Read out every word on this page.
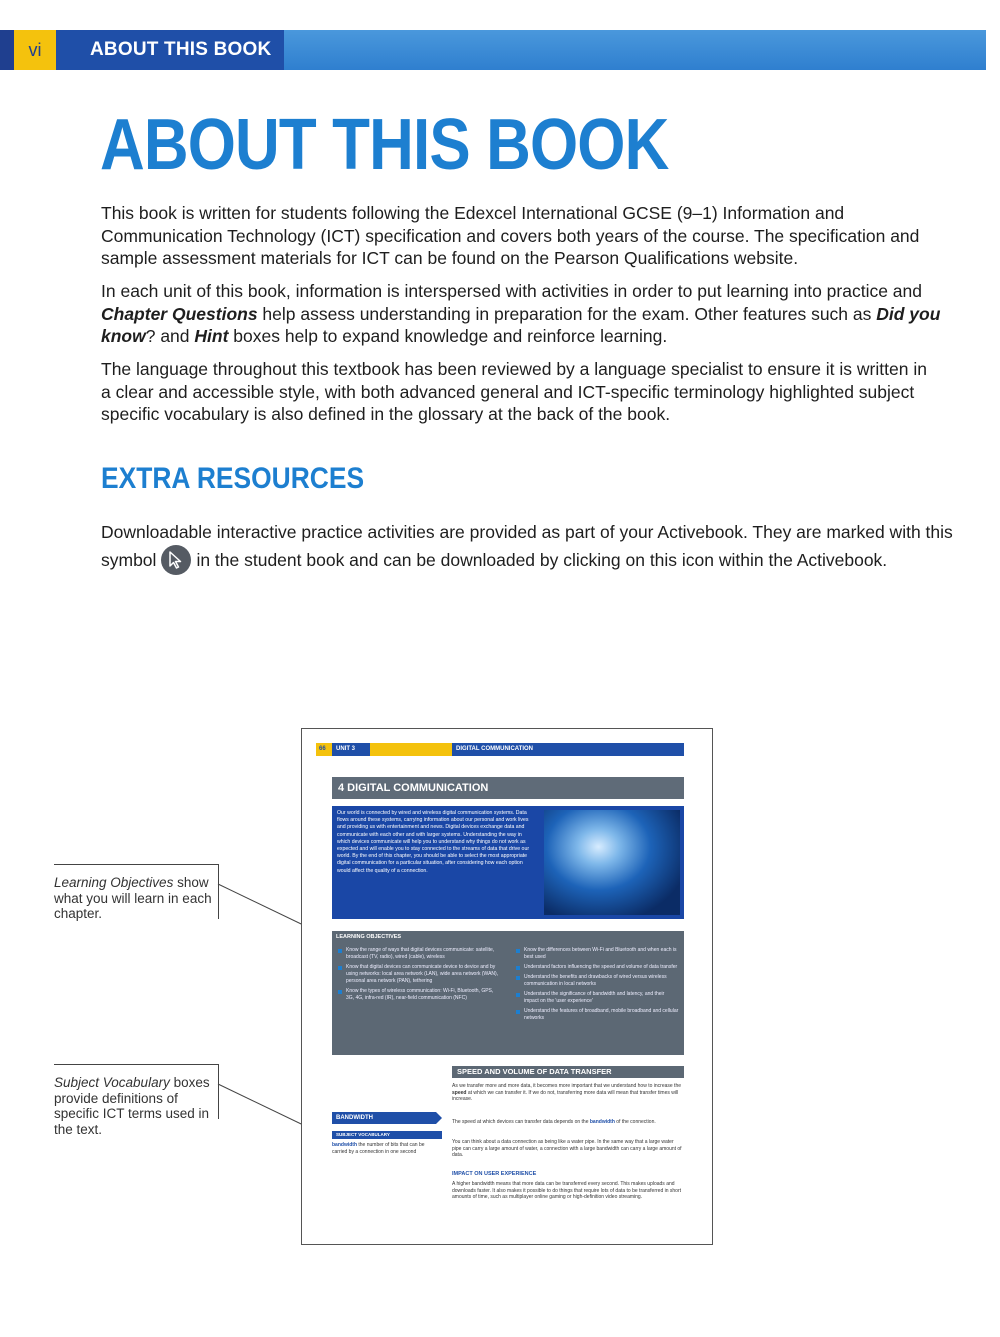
vi	ABOUT THIS BOOK
ABOUT THIS BOOK

This book is written for students following the Edexcel International GCSE (9–1) Information and Communication Technology (ICT) specification and covers both years of the course. The specification and sample assessment materials for ICT can be found on the Pearson Qualifications website.

In each unit of this book, information is interspersed with activities in order to put learning into practice and Chapter Questions help assess understanding in preparation for the exam. Other features such as Did you know? and Hint boxes help to expand knowledge and reinforce learning.

The language throughout this textbook has been reviewed by a language specialist to ensure it is written in a clear and accessible style, with both advanced general and ICT-specific terminology highlighted subject specific vocabulary is also defined in the glossary at the back of the book.

EXTRA RESOURCES

Downloadable interactive practice activities are provided as part of your Activebook. They are marked with this symbol in the student book and can be downloaded by clicking on this icon within the Activebook.

Learning Objectives show what you will learn in each chapter.
Subject Vocabulary boxes provide definitions of specific ICT terms used in the text.
66 UNIT 3	DIGITAL COMMUNICATION
4 DIGITAL COMMUNICATION

Our world is connected by wired and wireless digital communication systems. Data flows around these systems, carrying information about our personal and work lives and providing us with entertainment and news. Digital devices exchange data and communicate with each other and with larger systems. Understanding the way in which devices communicate will help you to understand why things do not work as expected and will enable you to stay connected to the streams of data that drive our world. By the end of this chapter, you should be able to select the most appropriate digital communication for a particular situation, after considering how each option would affect the quality of a connection.

LEARNING OBJECTIVES
Know the range of ways that digital devices communicate: satellite, broadcast (TV, radio), wired (cable), wireless
Know that digital devices can communicate device to device and by using networks: local area network (LAN), wide area network (WAN), personal area network (PAN), tethering
Know the types of wireless communication: Wi-Fi, Bluetooth, GPS, 3G, 4G, infra-red (IR), near-field communication (NFC)
Know the differences between Wi-Fi and Bluetooth and when each is best used
Understand factors influencing the speed and volume of data transfer
Understand the benefits and drawbacks of wired versus wireless communication in local networks
Understand the significance of bandwidth and latency, and their impact on the 'user experience'
Understand the features of broadband, mobile broadband and cellular networks
SPEED AND VOLUME OF DATA TRANSFER

As we transfer more and more data, it becomes more important that we understand how to increase the speed at which we can transfer it. If we do not, transferring more data will mean that transfer times will increase.

BANDWIDTH
SUBJECT VOCABULARY

bandwidth the number of bits that can be carried by a connection in one second

The speed at which devices can transfer data depends on the bandwidth of the connection.

You can think about a data connection as being like a water pipe. In the same way that a large water pipe can carry a large amount of water, a connection with a large bandwidth can carry a large amount of data.

IMPACT ON USER EXPERIENCE

A higher bandwidth means that more data can be transferred every second. This makes uploads and downloads faster. It also makes it possible to do things that require lots of data to be transferred in short amounts of time, such as multiplayer online gaming or high-definition video streaming.
